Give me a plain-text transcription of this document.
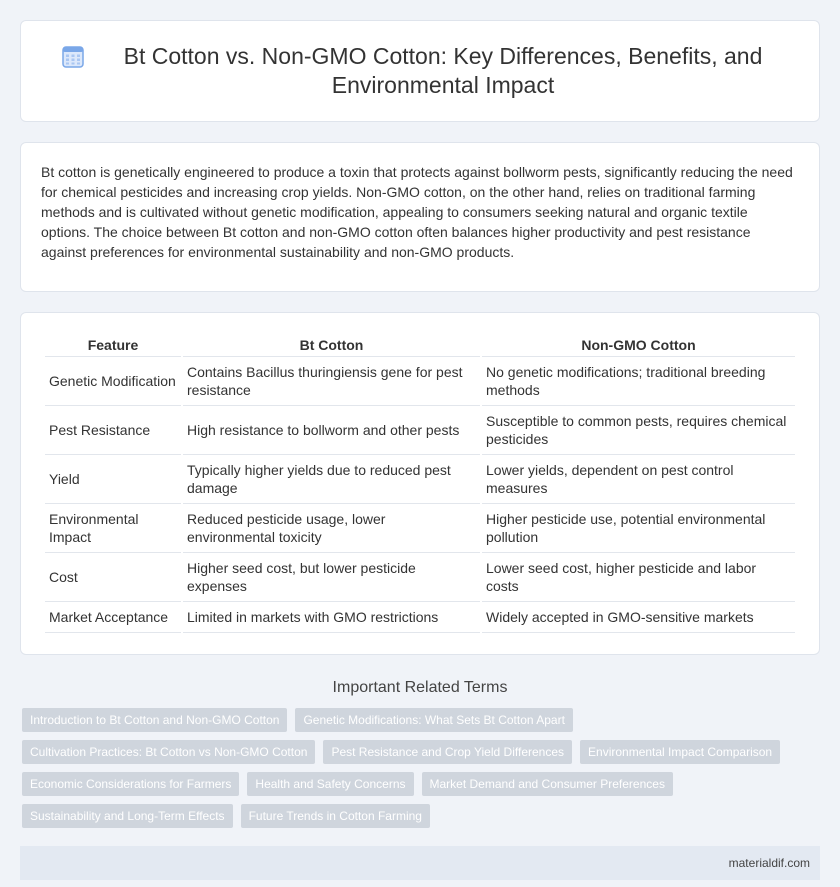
Bt Cotton vs. Non-GMO Cotton: Key Differences, Benefits, and Environmental Impact

Bt cotton is genetically engineered to produce a toxin that protects against bollworm pests, significantly reducing the need for chemical pesticides and increasing crop yields. Non-GMO cotton, on the other hand, relies on traditional farming methods and is cultivated without genetic modification, appealing to consumers seeking natural and organic textile options. The choice between Bt cotton and non-GMO cotton often balances higher productivity and pest resistance against preferences for environmental sustainability and non-GMO products.

Feature	Bt Cotton	Non-GMO Cotton
Genetic Modification	Contains Bacillus thuringiensis gene for pest resistance	No genetic modifications; traditional breeding methods
Pest Resistance	High resistance to bollworm and other pests	Susceptible to common pests, requires chemical pesticides
Yield	Typically higher yields due to reduced pest damage	Lower yields, dependent on pest control measures
Environmental Impact	Reduced pesticide usage, lower environmental toxicity	Higher pesticide use, potential environmental pollution
Cost	Higher seed cost, but lower pesticide expenses	Lower seed cost, higher pesticide and labor costs
Market Acceptance	Limited in markets with GMO restrictions	Widely accepted in GMO-sensitive markets
Important Related Terms
Introduction to Bt Cotton and Non-GMO Cotton	Genetic Modifications: What Sets Bt Cotton Apart
Cultivation Practices: Bt Cotton vs Non-GMO Cotton	Pest Resistance and Crop Yield Differences	Environmental Impact Comparison
Economic Considerations for Farmers	Health and Safety Concerns	Market Demand and Consumer Preferences
Sustainability and Long-Term Effects	Future Trends in Cotton Farming
materialdif.com
